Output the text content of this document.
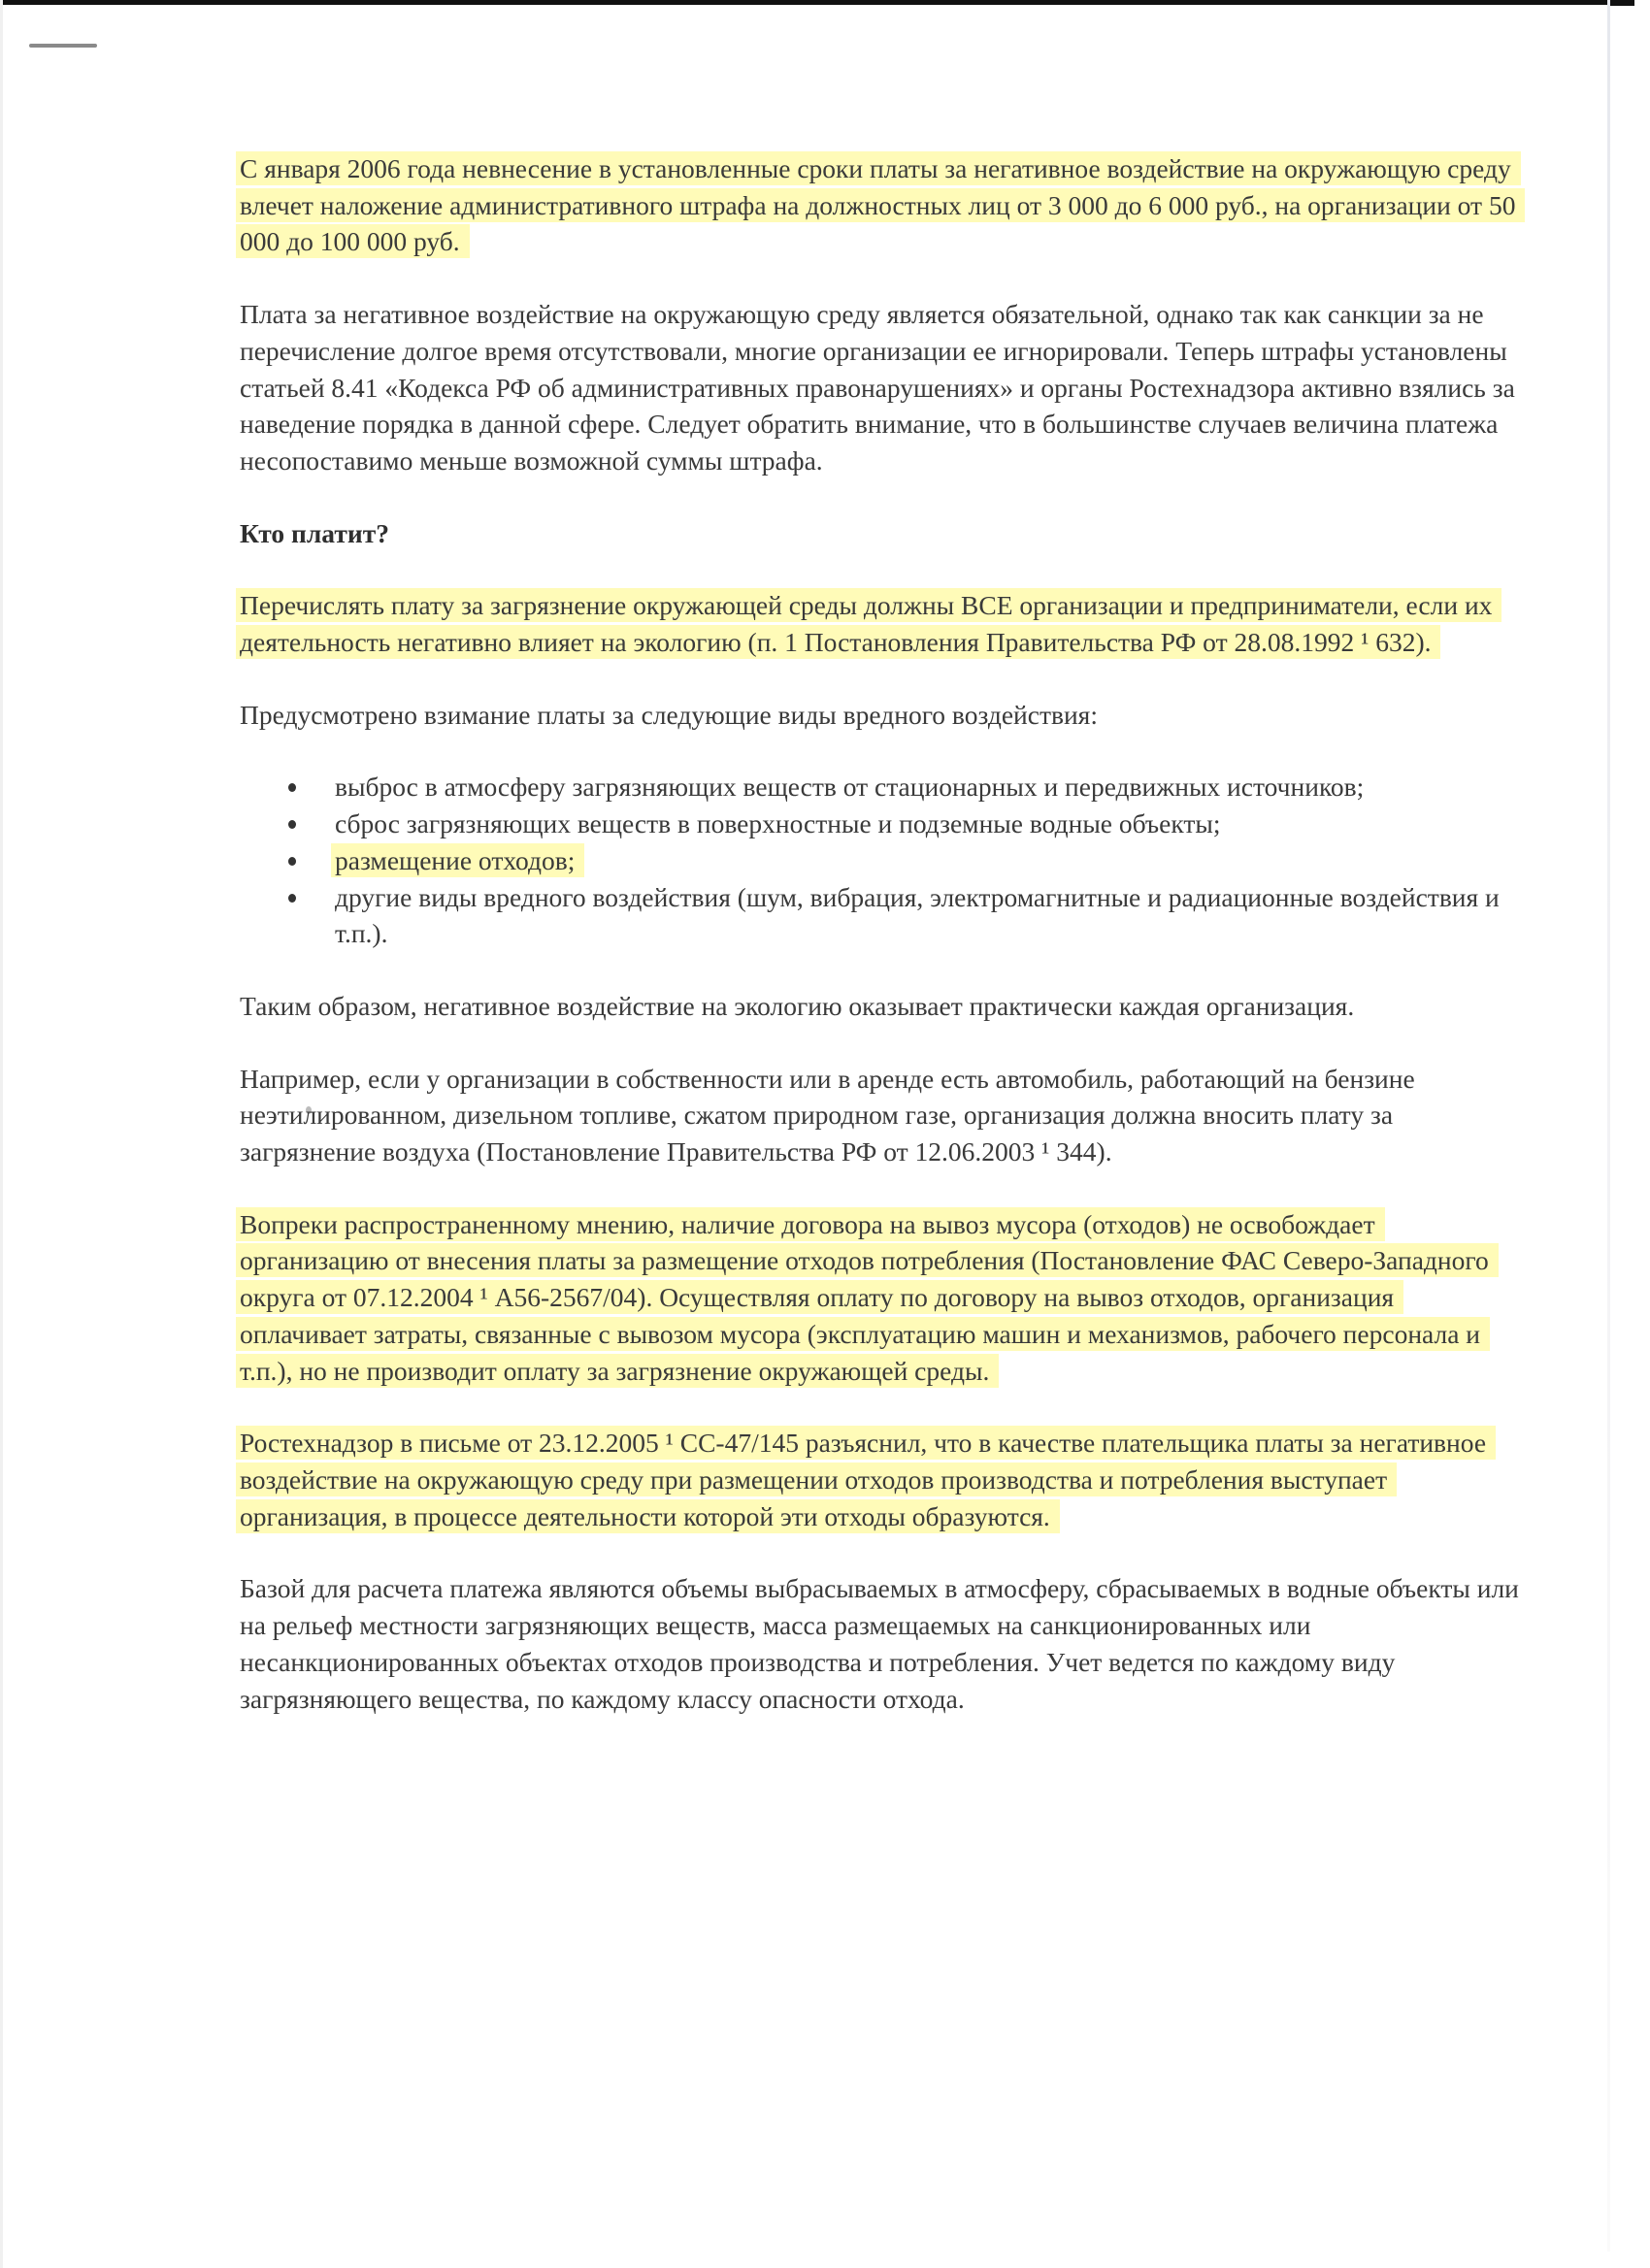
С января 2006 года невнесение в установленные сроки платы за негативное воздействие на окружающую среду влечет наложение административного штрафа на должностных лиц от 3 000 до 6 000 руб., на организации от 50 000 до 100 000 руб.

Плата за негативное воздействие на окружающую среду является обязательной, однако так как санкции за не перечисление долгое время отсутствовали, многие организации ее игнорировали. Теперь штрафы установлены статьей 8.41 «Кодекса РФ об административных правонарушениях» и органы Ростехнадзора активно взялись за наведение порядка в данной сфере. Следует обратить внимание, что в большинстве случаев величина платежа несопоставимо меньше возможной суммы штрафа.

Кто платит?

Перечислять плату за загрязнение окружающей среды должны ВСЕ организации и предприниматели, если их деятельность негативно влияет на экологию (п. 1 Постановления Правительства РФ от 28.08.1992 ¹ 632).

Предусмотрено взимание платы за следующие виды вредного воздействия:

выброс в атмосферу загрязняющих веществ от стационарных и передвижных источников;
сброс загрязняющих веществ в поверхностные и подземные водные объекты;
размещение отходов;
другие виды вредного воздействия (шум, вибрация, электромагнитные и радиационные воздействия и т.п.).

Таким образом, негативное воздействие на экологию оказывает практически каждая организация.

Например, если у организации в собственности или в аренде есть автомобиль, работающий на бензине неэтилированном, дизельном топливе, сжатом природном газе, организация должна вносить плату за загрязнение воздуха (Постановление Правительства РФ от 12.06.2003 ¹ 344).

Вопреки распространенному мнению, наличие договора на вывоз мусора (отходов) не освобождает организацию от внесения платы за размещение отходов потребления (Постановление ФАС Северо-Западного округа от 07.12.2004 ¹ А56-2567/04). Осуществляя оплату по договору на вывоз отходов, организация оплачивает затраты, связанные с вывозом мусора (эксплуатацию машин и механизмов, рабочего персонала и т.п.), но не производит оплату за загрязнение окружающей среды.

Ростехнадзор в письме от 23.12.2005 ¹ СС-47/145 разъяснил, что в качестве плательщика платы за негативное воздействие на окружающую среду при размещении отходов производства и потребления выступает организация, в процессе деятельности которой эти отходы образуются.

Базой для расчета платежа являются объемы выбрасываемых в атмосферу, сбрасываемых в водные объекты или на рельеф местности загрязняющих веществ, масса размещаемых на санкционированных или несанкционированных объектах отходов производства и потребления. Учет ведется по каждому виду загрязняющего вещества, по каждому классу опасности отхода.
